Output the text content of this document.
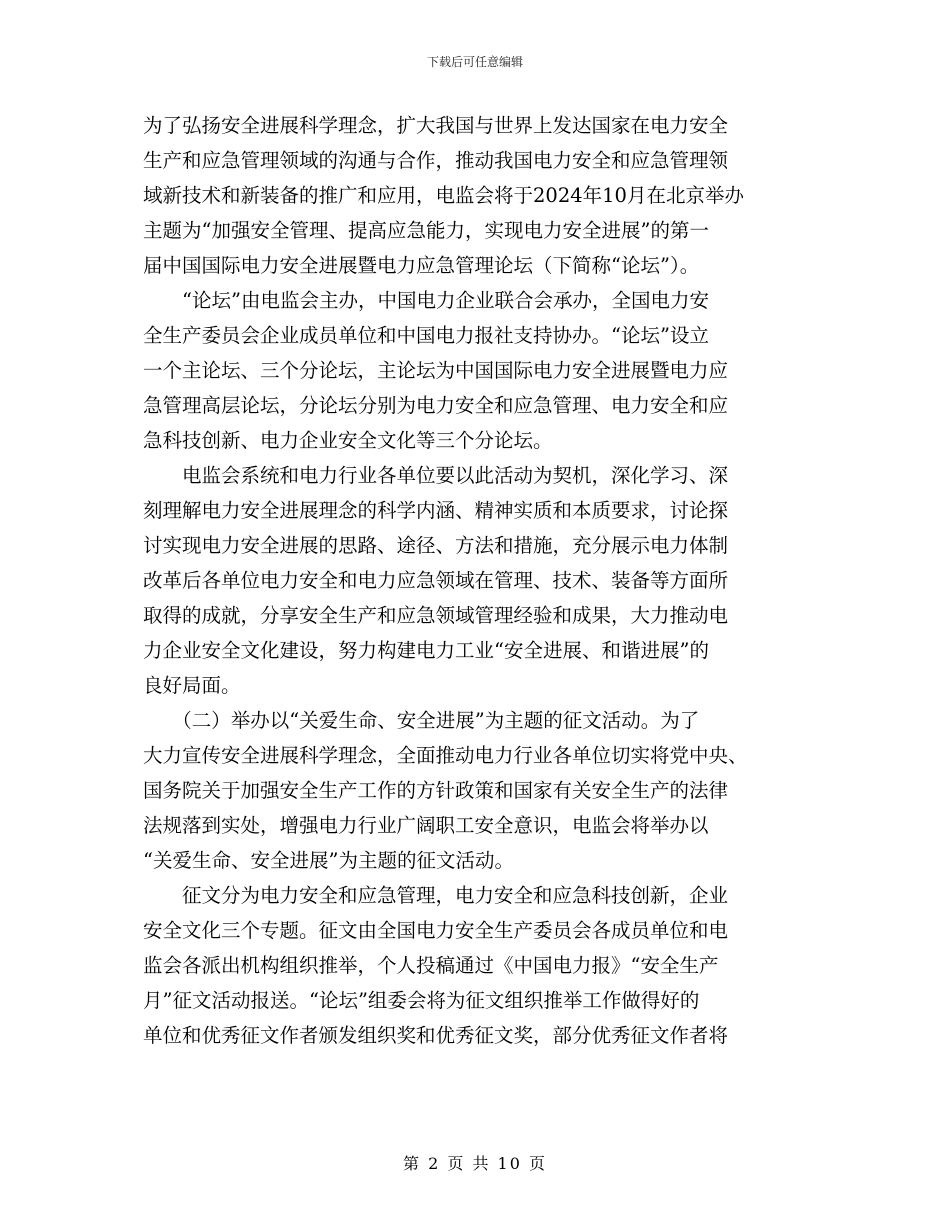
下载后可任意编辑
为了弘扬安全进展科学理念，扩大我国与世界上发达国家在电力安全
生产和应急管理领域的沟通与合作，推动我国电力安全和应急管理领
域新技术和新装备的推广和应用，电监会将于2024年10月在北京举办
主题为“加强安全管理、提高应急能力，实现电力安全进展”的第一
届中国国际电力安全进展暨电力应急管理论坛（下简称“论坛”）。
　　“论坛”由电监会主办，中国电力企业联合会承办，全国电力安
全生产委员会企业成员单位和中国电力报社支持协办。“论坛”设立
一个主论坛、三个分论坛，主论坛为中国国际电力安全进展暨电力应
急管理高层论坛，分论坛分别为电力安全和应急管理、电力安全和应
急科技创新、电力企业安全文化等三个分论坛。
　　电监会系统和电力行业各单位要以此活动为契机，深化学习、深
刻理解电力安全进展理念的科学内涵、精神实质和本质要求，讨论探
讨实现电力安全进展的思路、途径、方法和措施，充分展示电力体制
改革后各单位电力安全和电力应急领域在管理、技术、装备等方面所
取得的成就，分享安全生产和应急领域管理经验和成果，大力推动电
力企业安全文化建设，努力构建电力工业“安全进展、和谐进展”的
良好局面。
　　（二）举办以“关爱生命、安全进展”为主题的征文活动。为了
大力宣传安全进展科学理念，全面推动电力行业各单位切实将党中央、
国务院关于加强安全生产工作的方针政策和国家有关安全生产的法律
法规落到实处，增强电力行业广阔职工安全意识，电监会将举办以
“关爱生命、安全进展”为主题的征文活动。
　　征文分为电力安全和应急管理，电力安全和应急科技创新，企业
安全文化三个专题。征文由全国电力安全生产委员会各成员单位和电
监会各派出机构组织推举，个人投稿通过《中国电力报》“安全生产
月”征文活动报送。“论坛”组委会将为征文组织推举工作做得好的
单位和优秀征文作者颁发组织奖和优秀征文奖，部分优秀征文作者将
第 2 页 共 10 页
